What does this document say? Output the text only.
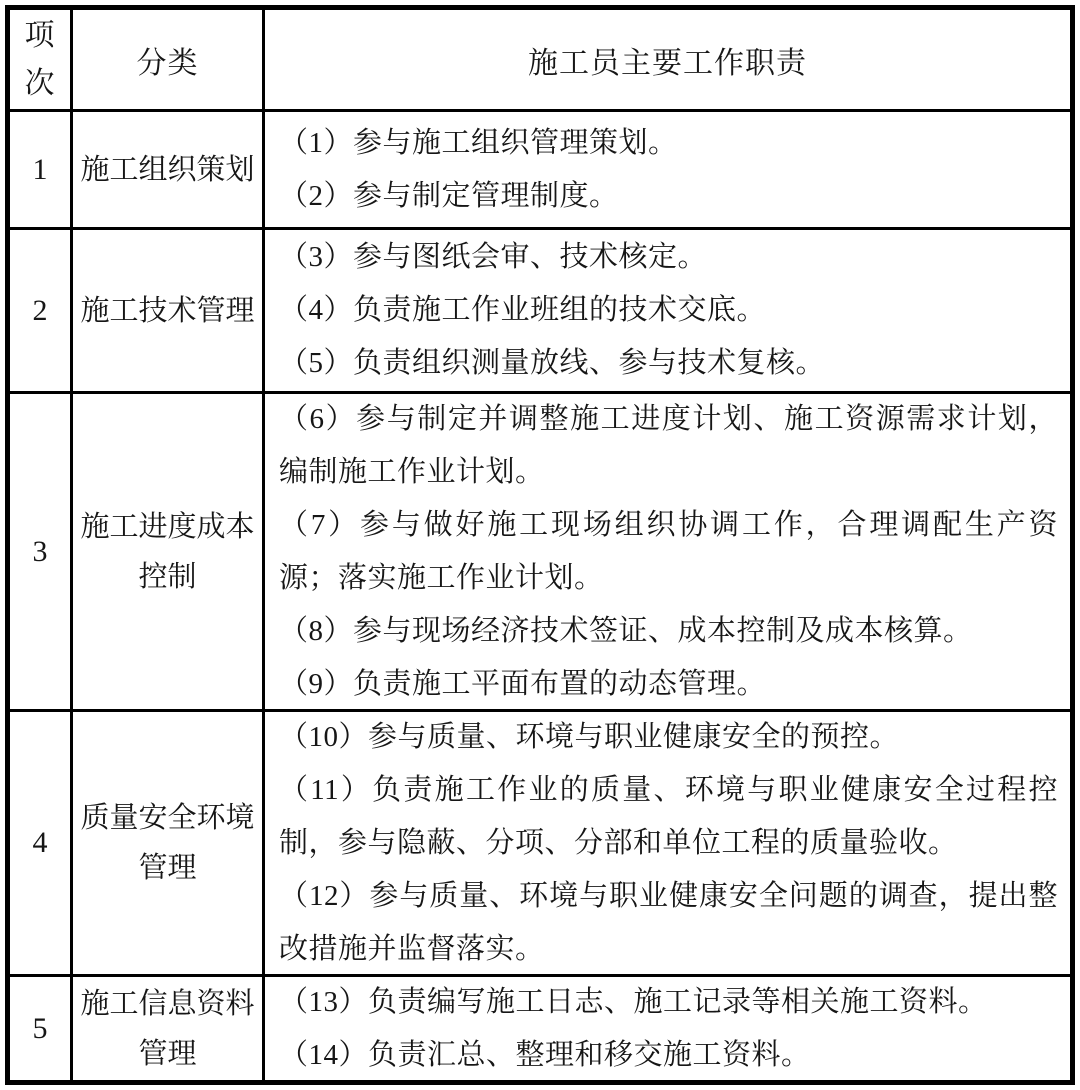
项
次
分类	施工员主要工作职责
1 施工组织策划
（1）参与施工组织管理策划。
（2）参与制定管理制度。
2 施工技术管理
（3）参与图纸会审、技术核定。
（4）负责施工作业班组的技术交底。
（5）负责组织测量放线、参与技术复核。
3
施工进度成本
控制
（6）参与制定并调整施工进度计划、施工资源需求计划，编制施工作业计划。
（7）参与做好施工现场组织协调工作，合理调配生产资源；落实施工作业计划。
（8）参与现场经济技术签证、成本控制及成本核算。
（9）负责施工平面布置的动态管理。
4
质量安全环境
管理
（10）参与质量、环境与职业健康安全的预控。
（11）负责施工作业的质量、环境与职业健康安全过程控制，参与隐蔽、分项、分部和单位工程的质量验收。
（12）参与质量、环境与职业健康安全问题的调查，提出整改措施并监督落实。
5
施工信息资料
管理
（13）负责编写施工日志、施工记录等相关施工资料。
（14）负责汇总、整理和移交施工资料。
